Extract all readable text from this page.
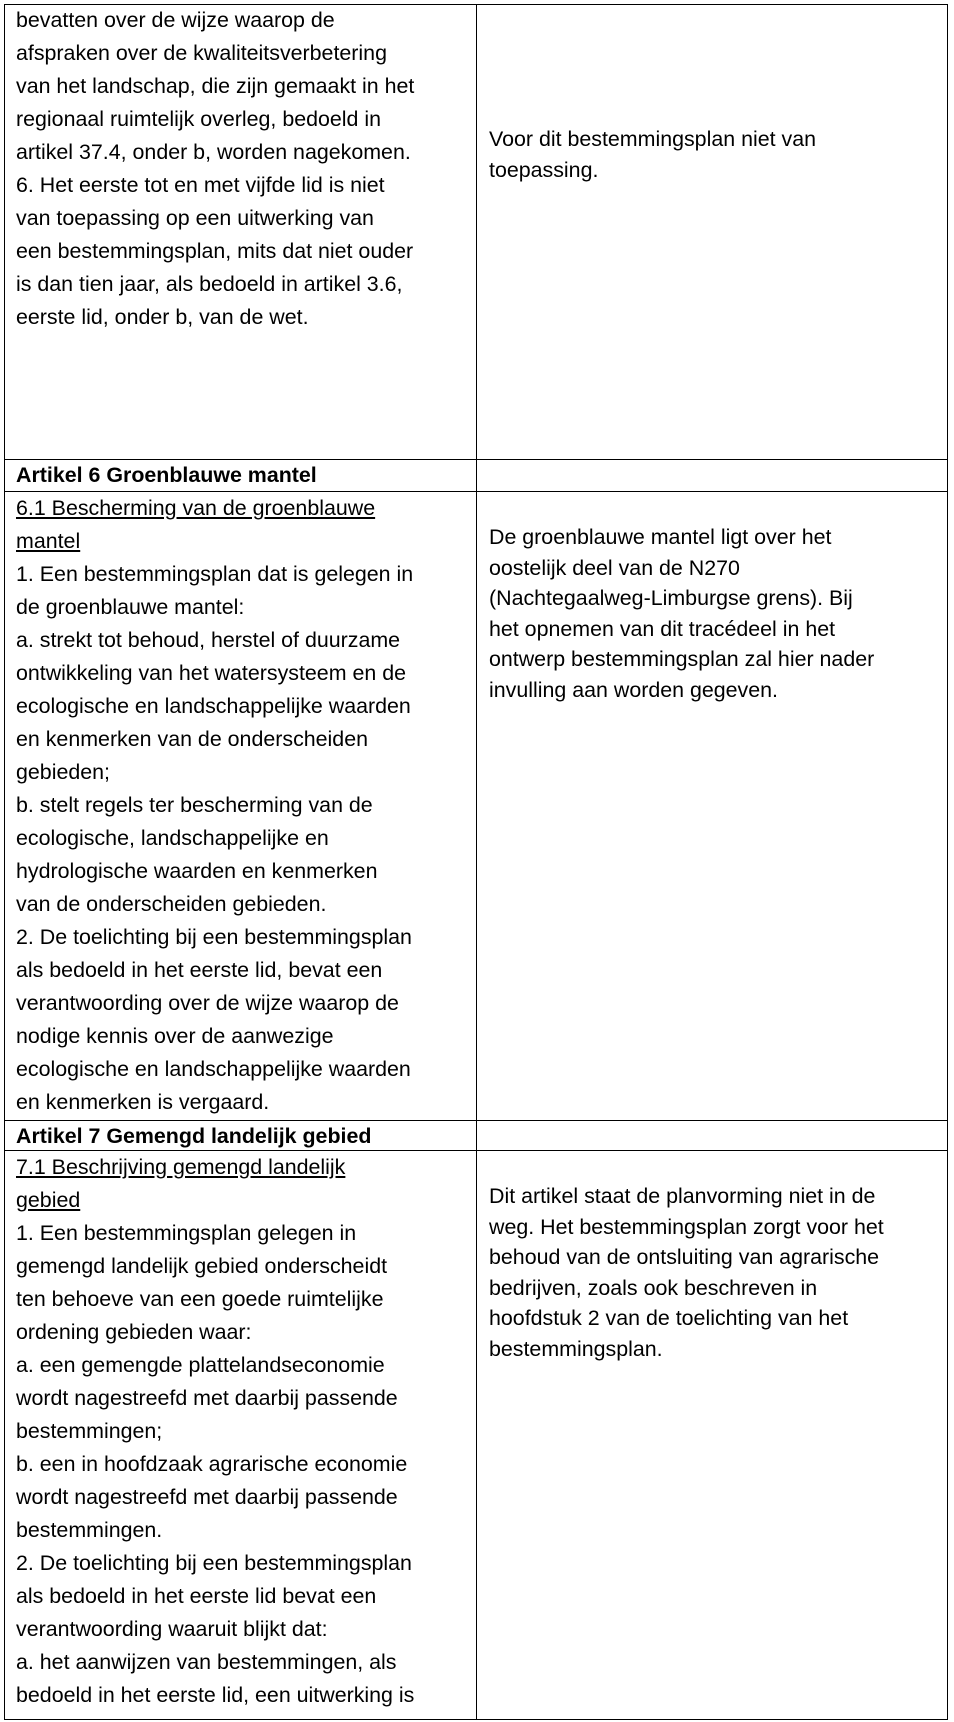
bevatten over de wijze waarop de

afspraken over de kwaliteitsverbetering

van het landschap, die zijn gemaakt in het

regionaal ruimtelijk overleg, bedoeld in

artikel 37.4, onder b, worden nagekomen.

6. Het eerste tot en met vijfde lid is niet

van toepassing op een uitwerking van

een bestemmingsplan, mits dat niet ouder

is dan tien jaar, als bedoeld in artikel 3.6,

eerste lid, onder b, van de wet.

Voor dit bestemmingsplan niet van

toepassing.

Artikel 6 Groenblauwe mantel

6.1 Bescherming van de groenblauwe

mantel

1. Een bestemmingsplan dat is gelegen in

de groenblauwe mantel:

a. strekt tot behoud, herstel of duurzame

ontwikkeling van het watersysteem en de

ecologische en landschappelijke waarden

en kenmerken van de onderscheiden

gebieden;

b. stelt regels ter bescherming van de

ecologische, landschappelijke en

hydrologische waarden en kenmerken

van de onderscheiden gebieden.

2. De toelichting bij een bestemmingsplan

als bedoeld in het eerste lid, bevat een

verantwoording over de wijze waarop de

nodige kennis over de aanwezige

ecologische en landschappelijke waarden

en kenmerken is vergaard.

De groenblauwe mantel ligt over het

oostelijk deel van de N270

(Nachtegaalweg-Limburgse grens). Bij

het opnemen van dit tracédeel in het

ontwerp bestemmingsplan zal hier nader

invulling aan worden gegeven.

Artikel 7 Gemengd landelijk gebied

7.1 Beschrijving gemengd landelijk

gebied

1. Een bestemmingsplan gelegen in

gemengd landelijk gebied onderscheidt

ten behoeve van een goede ruimtelijke

ordening gebieden waar:

a. een gemengde plattelandseconomie

wordt nagestreefd met daarbij passende

bestemmingen;

b. een in hoofdzaak agrarische economie

wordt nagestreefd met daarbij passende

bestemmingen.

2. De toelichting bij een bestemmingsplan

als bedoeld in het eerste lid bevat een

verantwoording waaruit blijkt dat:

a. het aanwijzen van bestemmingen, als

bedoeld in het eerste lid, een uitwerking is

Dit artikel staat de planvorming niet in de

weg. Het bestemmingsplan zorgt voor het

behoud van de ontsluiting van agrarische

bedrijven, zoals ook beschreven in

hoofdstuk 2 van de toelichting van het

bestemmingsplan.
